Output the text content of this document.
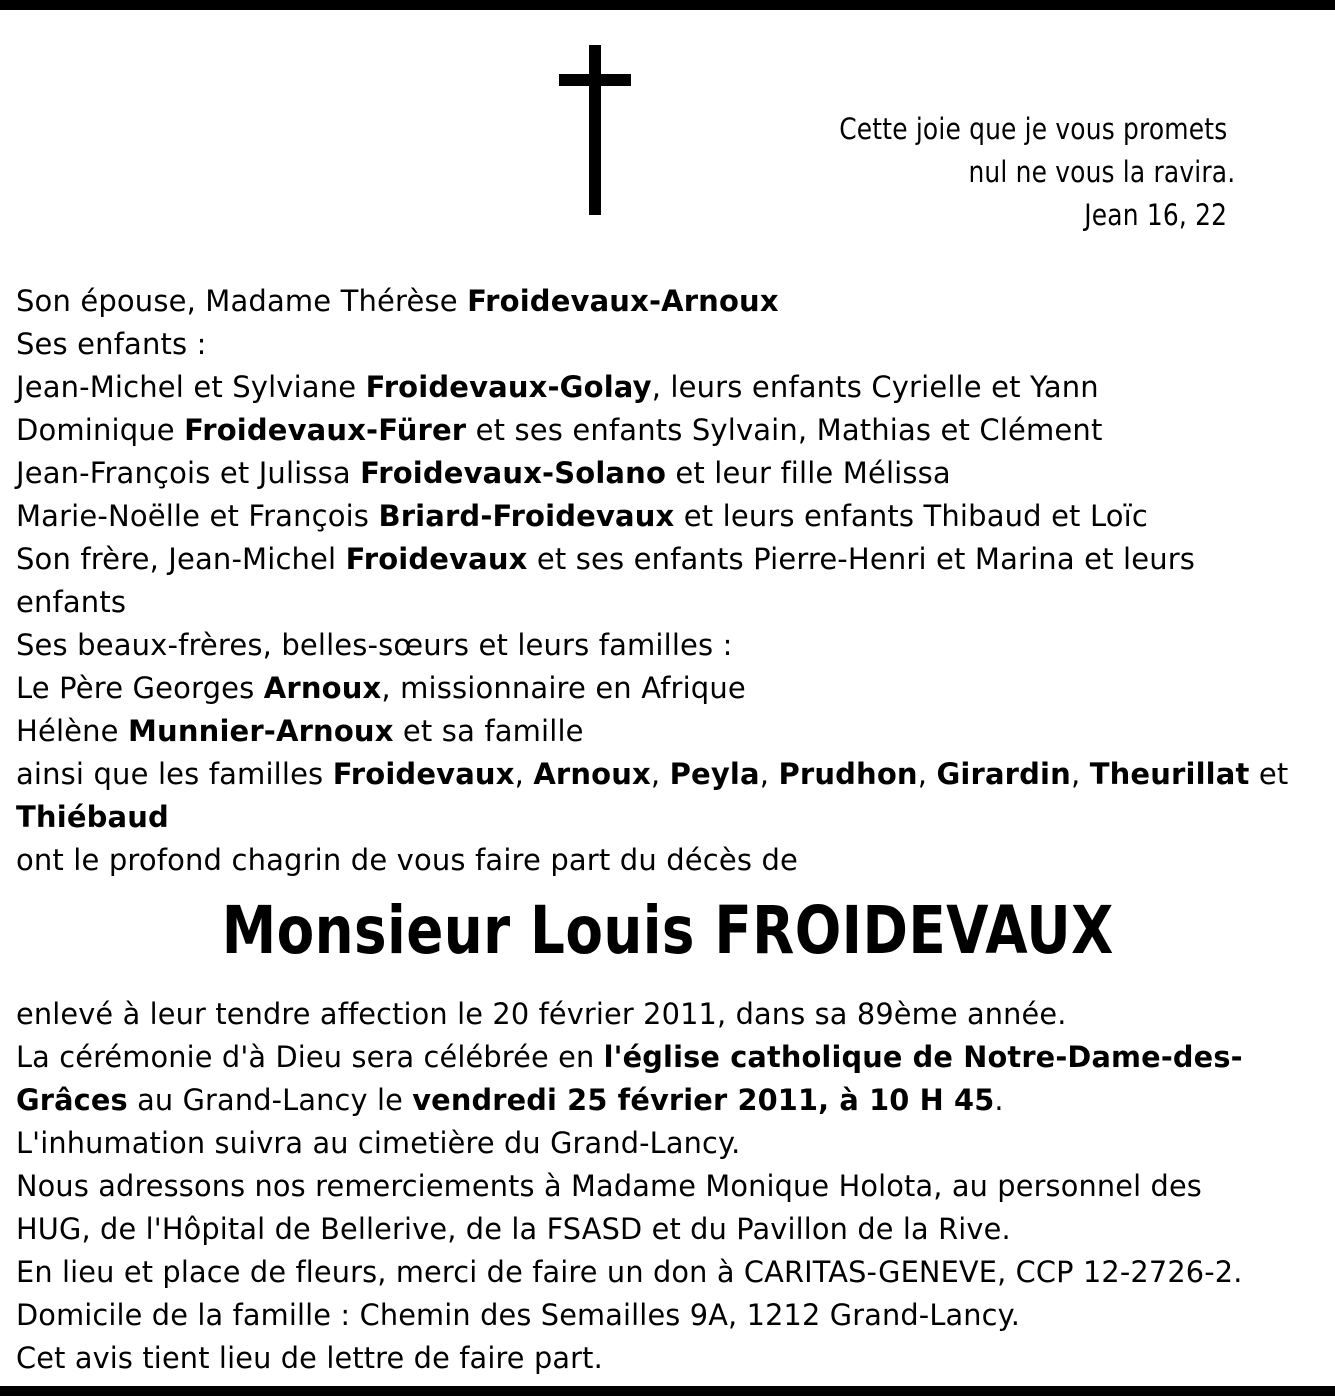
Cette joie que je vous promets
nul ne vous la ravira.
Jean 16, 22

Son épouse, Madame Thérèse Froidevaux-Arnoux

Ses enfants :

Jean-Michel et Sylviane Froidevaux-Golay, leurs enfants Cyrielle et Yann

Dominique Froidevaux-Fürer et ses enfants Sylvain, Mathias et Clément

Jean-François et Julissa Froidevaux-Solano et leur fille Mélissa

Marie-Noëlle et François Briard-Froidevaux et leurs enfants Thibaud et Loïc

Son frère, Jean-Michel Froidevaux et ses enfants Pierre-Henri et Marina et leurs

enfants

Ses beaux-frères, belles-sœurs et leurs familles :

Le Père Georges Arnoux, missionnaire en Afrique

Hélène Munnier-Arnoux et sa famille

ainsi que les familles Froidevaux, Arnoux, Peyla, Prudhon, Girardin, Theurillat et

Thiébaud

ont le profond chagrin de vous faire part du décès de

Monsieur Louis FROIDEVAUX

enlevé à leur tendre affection le 20 février 2011, dans sa 89ème année.

La cérémonie d'à Dieu sera célébrée en l'église catholique de Notre-Dame-des-

Grâces au Grand-Lancy le vendredi 25 février 2011, à 10 H 45.

L'inhumation suivra au cimetière du Grand-Lancy.

Nous adressons nos remerciements à Madame Monique Holota, au personnel des

HUG, de l'Hôpital de Bellerive, de la FSASD et du Pavillon de la Rive.

En lieu et place de fleurs, merci de faire un don à CARITAS-GENEVE, CCP 12-2726-2.

Domicile de la famille : Chemin des Semailles 9A, 1212 Grand-Lancy.

Cet avis tient lieu de lettre de faire part.
